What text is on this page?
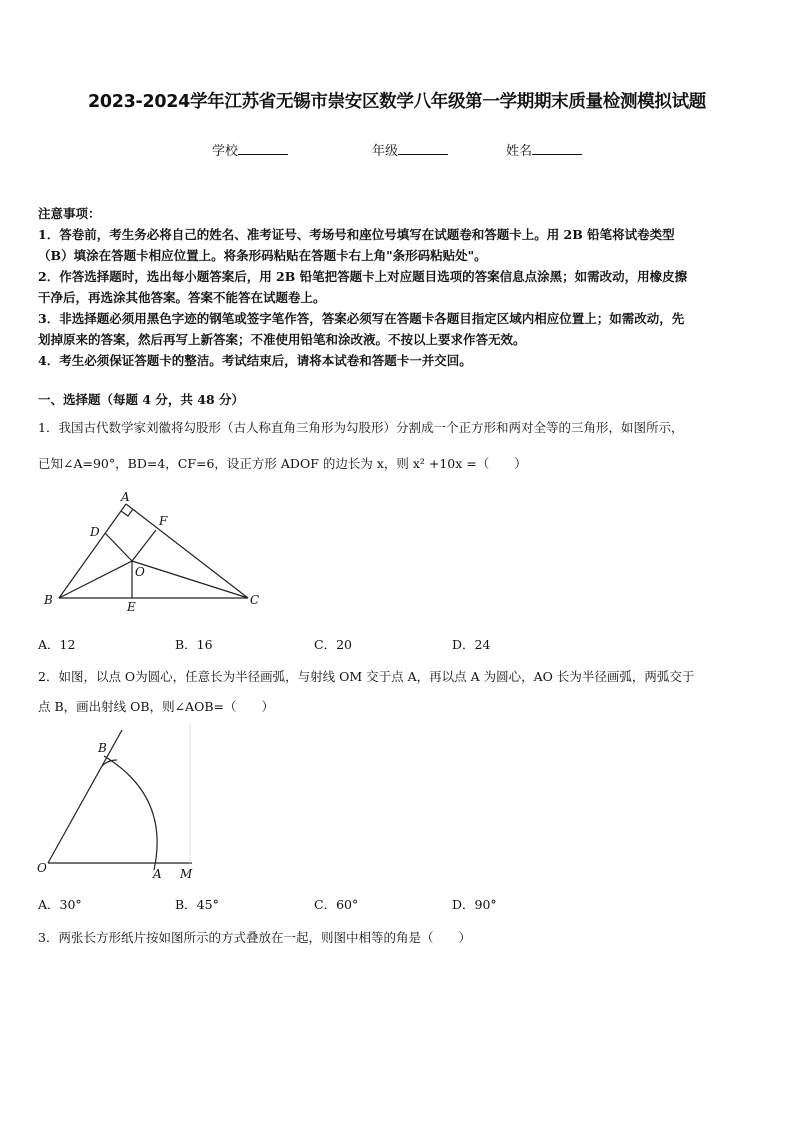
2023-2024学年江苏省无锡市崇安区数学八年级第一学期期末质量检测模拟试题
学校	年级	姓名
注意事项：
1．答卷前，考生务必将自己的姓名、准考证号、考场号和座位号填写在试题卷和答题卡上。用 2B 铅笔将试卷类型
（B）填涂在答题卡相应位置上。将条形码粘贴在答题卡右上角"条形码粘贴处"。
2．作答选择题时，选出每小题答案后，用 2B 铅笔把答题卡上对应题目选项的答案信息点涂黑；如需改动，用橡皮擦
干净后，再选涂其他答案。答案不能答在试题卷上。
3．非选择题必须用黑色字迹的钢笔或签字笔作答，答案必须写在答题卡各题目指定区域内相应位置上；如需改动，先
划掉原来的答案，然后再写上新答案；不准使用铅笔和涂改液。不按以上要求作答无效。
4．考生必须保证答题卡的整洁。考试结束后，请将本试卷和答题卡一并交回。
一、选择题（每题 4 分，共 48 分）
1．我国古代数学家刘徽将勾股形（古人称直角三角形为勾股形）分割成一个正方形和两对全等的三角形，如图所示，
已知∠A=90°，BD=4，CF=6，设正方形 ADOF 的边长为 x，则 x² +10x =（　　）
A
D
F
O
B	E	C
A．12	B．16	C．20	D．24
2．如图，以点 O为圆心，任意长为半径画弧，与射线 OM 交于点 A，再以点 A 为圆心，AO 长为半径画弧，两弧交于
点 B，画出射线 OB，则∠AOB=（　　）
B
O	A M
A．30°	B．45°	C．60°	D．90°
3．两张长方形纸片按如图所示的方式叠放在一起，则图中相等的角是（　　）
